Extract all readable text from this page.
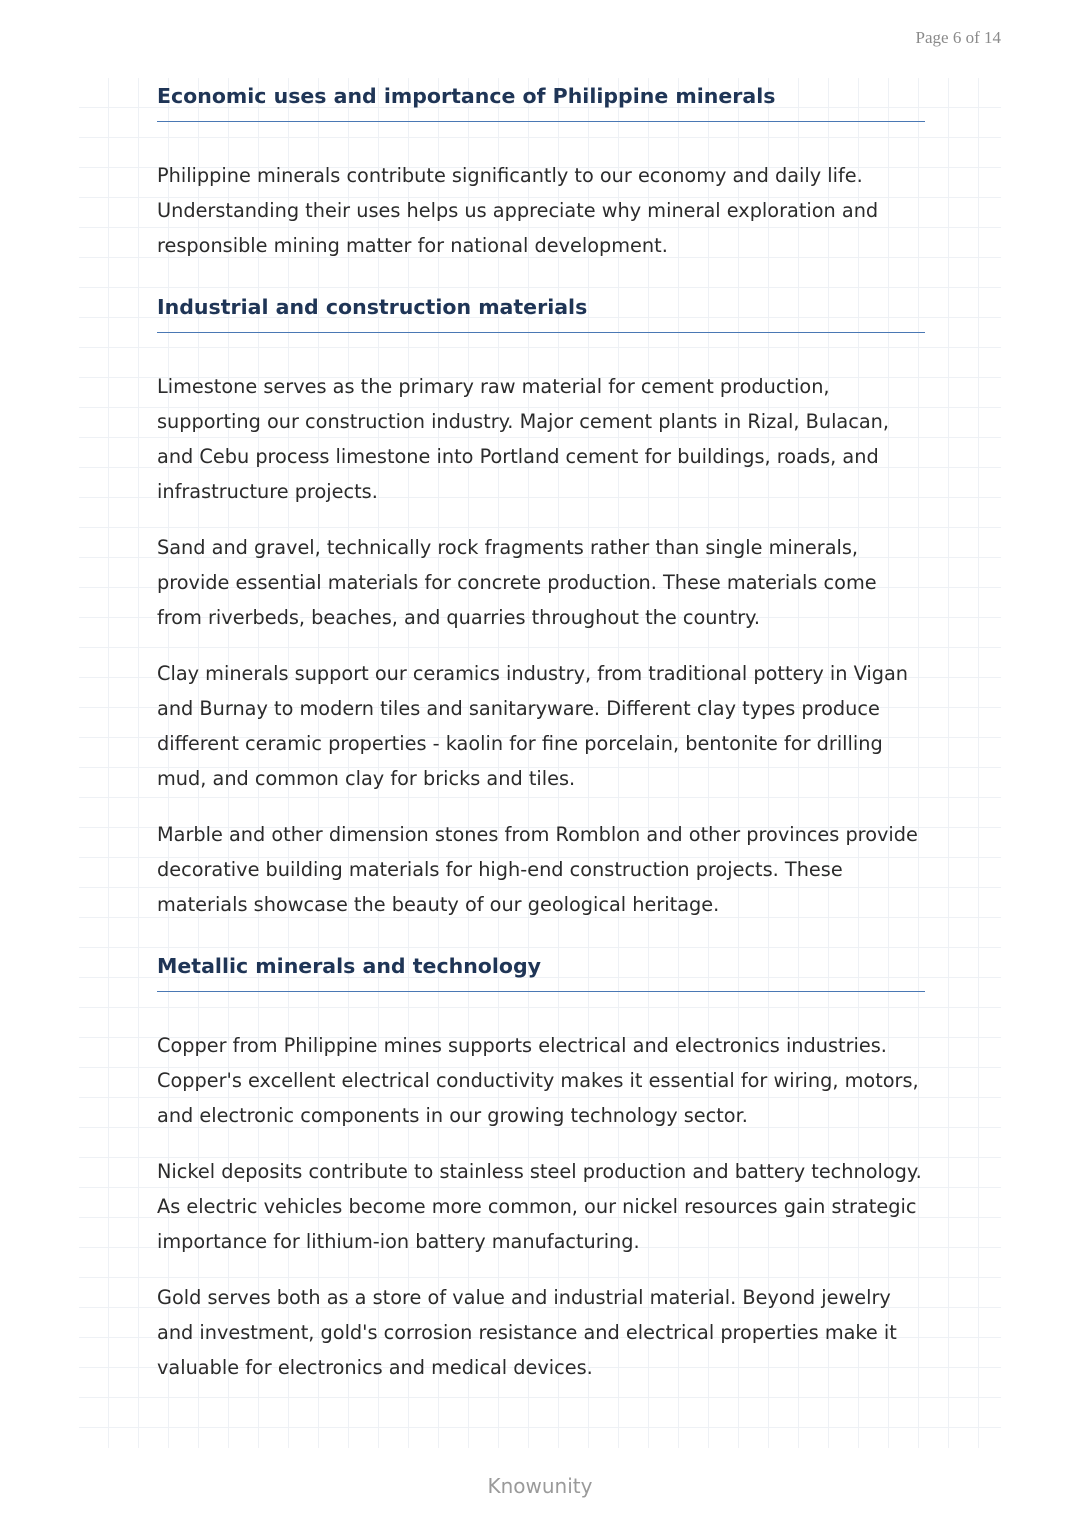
Page 6 of 14
Economic uses and importance of Philippine minerals

Philippine minerals contribute significantly to our economy and daily life. Understanding their uses helps us appreciate why mineral exploration and responsible mining matter for national development.

Industrial and construction materials

Limestone serves as the primary raw material for cement production, supporting our construction industry. Major cement plants in Rizal, Bulacan, and Cebu process limestone into Portland cement for buildings, roads, and infrastructure projects.

Sand and gravel, technically rock fragments rather than single minerals, provide essential materials for concrete production. These materials come from riverbeds, beaches, and quarries throughout the country.

Clay minerals support our ceramics industry, from traditional pottery in Vigan and Burnay to modern tiles and sanitaryware. Different clay types produce different ceramic properties - kaolin for fine porcelain, bentonite for drilling mud, and common clay for bricks and tiles.

Marble and other dimension stones from Romblon and other provinces provide decorative building materials for high-end construction projects. These materials showcase the beauty of our geological heritage.

Metallic minerals and technology

Copper from Philippine mines supports electrical and electronics industries. Copper's excellent electrical conductivity makes it essential for wiring, motors, and electronic components in our growing technology sector.

Nickel deposits contribute to stainless steel production and battery technology. As electric vehicles become more common, our nickel resources gain strategic importance for lithium-ion battery manufacturing.

Gold serves both as a store of value and industrial material. Beyond jewelry and investment, gold's corrosion resistance and electrical properties make it valuable for electronics and medical devices.

Knowunity
